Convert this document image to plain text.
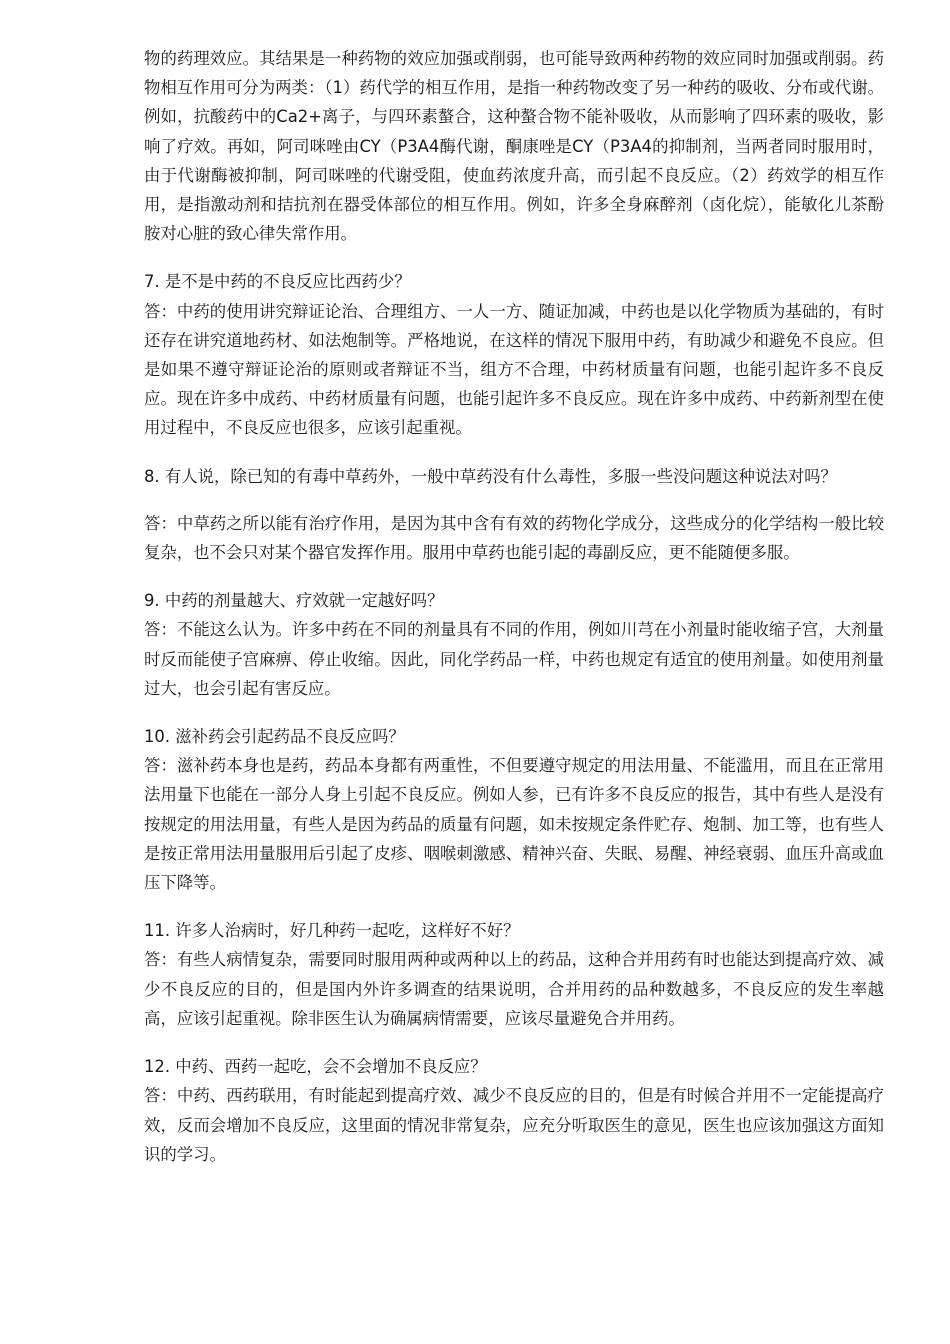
物的药理效应。其结果是一种药物的效应加强或削弱，也可能导致两种药物的效应同时加强或削弱。药物相互作用可分为两类：（1）药代学的相互作用，是指一种药物改变了另一种药的吸收、分布或代谢。例如，抗酸药中的Ca2+离子，与四环素螯合，这种螯合物不能补吸收，从而影响了四环素的吸收，影响了疗效。再如，阿司咪唑由CY（P3A4酶代谢，酮康唑是CY（P3A4的抑制剂，当两者同时服用时，由于代谢酶被抑制，阿司咪唑的代谢受阻，使血药浓度升高，而引起不良反应。（2）药效学的相互作用，是指激动剂和拮抗剂在器受体部位的相互作用。例如，许多全身麻醉剂（卤化烷），能敏化儿茶酚胺对心脏的致心律失常作用。

7. 是不是中药的不良反应比西药少？

答：中药的使用讲究辩证论治、合理组方、一人一方、随证加减，中药也是以化学物质为基础的，有时还存在讲究道地药材、如法炮制等。严格地说，在这样的情况下服用中药，有助减少和避免不良应。但是如果不遵守辩证论治的原则或者辩证不当，组方不合理，中药材质量有问题，也能引起许多不良反应。现在许多中成药、中药材质量有问题，也能引起许多不良反应。现在许多中成药、中药新剂型在使用过程中，不良反应也很多，应该引起重视。

8. 有人说，除已知的有毒中草药外，一般中草药没有什么毒性，多服一些没问题这种说法对吗？

答：中草药之所以能有治疗作用，是因为其中含有有效的药物化学成分，这些成分的化学结构一般比较复杂，也不会只对某个器官发挥作用。服用中草药也能引起的毒副反应，更不能随便多服。

9. 中药的剂量越大、疗效就一定越好吗？

答：不能这么认为。许多中药在不同的剂量具有不同的作用，例如川芎在小剂量时能收缩子宫，大剂量时反而能使子宫麻痹、停止收缩。因此，同化学药品一样，中药也规定有适宜的使用剂量。如使用剂量过大，也会引起有害反应。

10. 滋补药会引起药品不良反应吗？

答：滋补药本身也是药，药品本身都有两重性，不但要遵守规定的用法用量、不能滥用，而且在正常用法用量下也能在一部分人身上引起不良反应。例如人参，已有许多不良反应的报告，其中有些人是没有按规定的用法用量，有些人是因为药品的质量有问题，如未按规定条件贮存、炮制、加工等，也有些人是按正常用法用量服用后引起了皮疹、咽喉刺激感、精神兴奋、失眠、易醒、神经衰弱、血压升高或血压下降等。

11. 许多人治病时，好几种药一起吃，这样好不好？

答：有些人病情复杂，需要同时服用两种或两种以上的药品，这种合并用药有时也能达到提高疗效、减少不良反应的目的，但是国内外许多调查的结果说明，合并用药的品种数越多，不良反应的发生率越高，应该引起重视。除非医生认为确属病情需要，应该尽量避免合并用药。

12. 中药、西药一起吃，会不会增加不良反应？

答：中药、西药联用，有时能起到提高疗效、减少不良反应的目的，但是有时候合并用不一定能提高疗效，反而会增加不良反应，这里面的情况非常复杂，应充分听取医生的意见，医生也应该加强这方面知识的学习。
